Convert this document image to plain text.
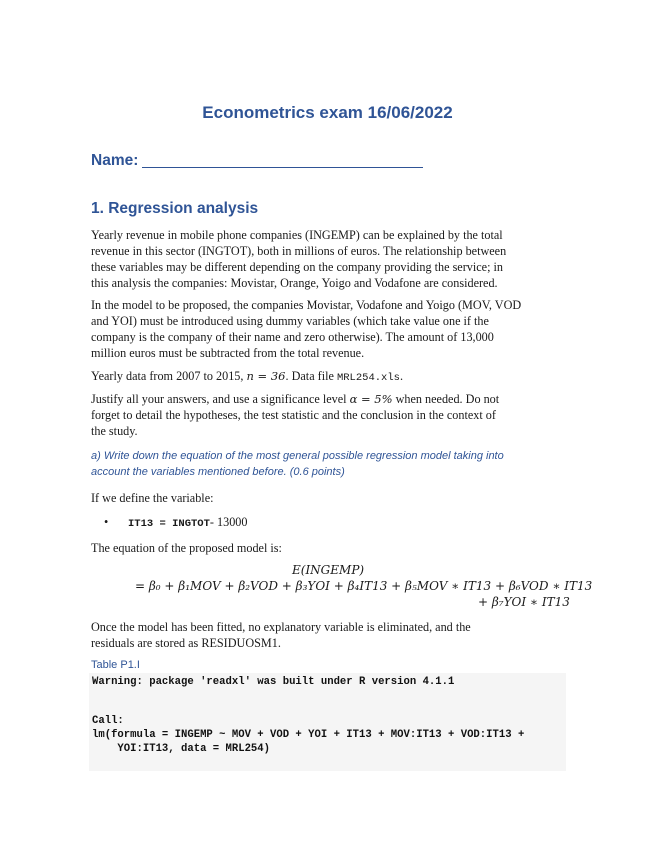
Econometrics exam 16/06/2022
Name:
1. Regression analysis
Yearly revenue in mobile phone companies (INGEMP) can be explained by the total
revenue in this sector (INGTOT), both in millions of euros. The relationship between
these variables may be different depending on the company providing the service; in
this analysis the companies: Movistar, Orange, Yoigo and Vodafone are considered.
In the model to be proposed, the companies Movistar, Vodafone and Yoigo (MOV, VOD
and YOI) must be introduced using dummy variables (which take value one if the
company is the company of their name and zero otherwise). The amount of 13,000
million euros must be subtracted from the total revenue.
Yearly data from 2007 to 2015, n = 36. Data file MRL254.xls.
Justify all your answers, and use a significance level α = 5% when needed. Do not
forget to detail the hypotheses, the test statistic and the conclusion in the context of
the study.
a) Write down the equation of the most general possible regression model taking into
account the variables mentioned before. (0.6 points)
If we define the variable:
• IT13 = INGTOT- 13000
The equation of the proposed model is:
E(INGEMP)
= β₀ + β₁MOV + β₂VOD + β₃YOI + β₄IT13 + β₅MOV ∗ IT13 + β₆VOD ∗ IT13
+ β₇YOI ∗ IT13
Once the model has been fitted, no explanatory variable is eliminated, and the
residuals are stored as RESIDUOSM1.
Table P1.I
Warning: package 'readxl' was built under R version 4.1.1
Call:
lm(formula = INGEMP ~ MOV + VOD + YOI + IT13 + MOV:IT13 + VOD:IT13 +
YOI:IT13, data = MRL254)
